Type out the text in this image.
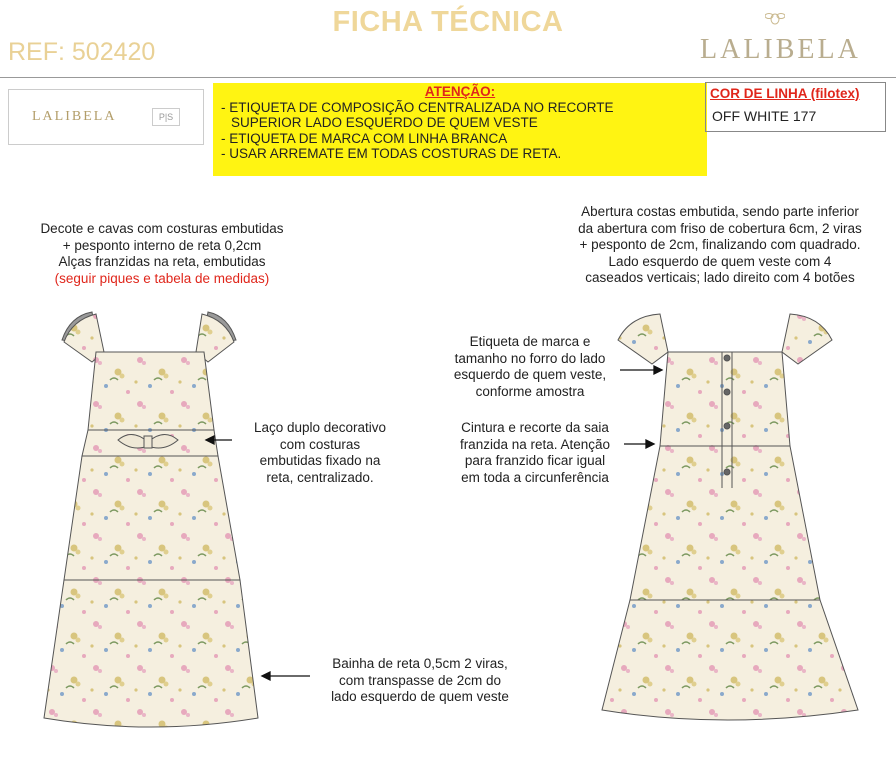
FICHA TÉCNICA
REF: 502420	LALIBELA
LALIBELA	P|S
ATENÇÃO:
- ETIQUETA DE COMPOSIÇÃO CENTRALIZADA NO RECORTE
SUPERIOR LADO ESQUERDO DE QUEM VESTE
- ETIQUETA DE MARCA COM LINHA BRANCA
- USAR ARREMATE EM TODAS COSTURAS DE RETA.
COR DE LINHA (filotex)
OFF WHITE 177
Decote e cavas com costuras embutidas
+ pesponto interno de reta 0,2cm
Alças franzidas na reta, embutidas
(seguir piques e tabela de medidas)
Laço duplo decorativo
com costuras
embutidas fixado na
reta, centralizado.
Bainha de reta 0,5cm 2 viras,
com transpasse de 2cm do
lado esquerdo de quem veste
Abertura costas embutida, sendo parte inferior
da abertura com friso de cobertura 6cm, 2 viras
+ pesponto de 2cm, finalizando com quadrado.
Lado esquerdo de quem veste com 4
caseados verticais; lado direito com 4 botões
Etiqueta de marca e
tamanho no forro do lado
esquerdo de quem veste,
conforme amostra
Cintura e recorte da saia
franzida na reta. Atenção
para franzido ficar igual
em toda a circunferência
